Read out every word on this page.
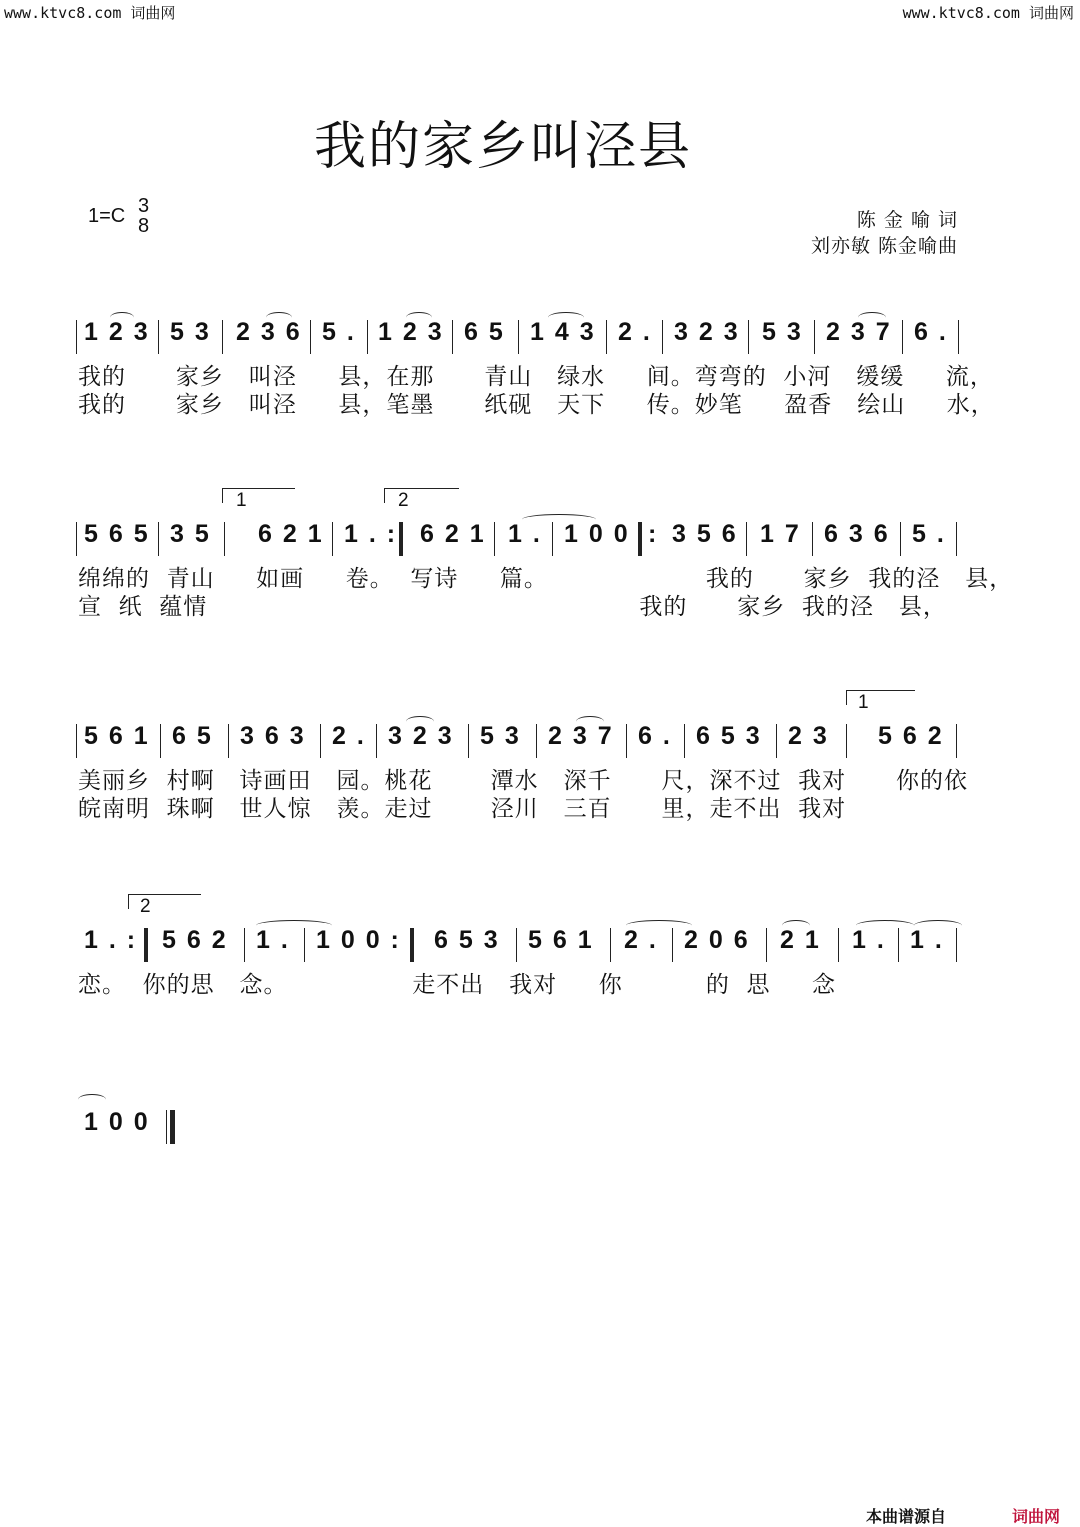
www.ktvc8.com 词曲网	www.ktvc8.com 词曲网
我的家乡叫泾县
1=C 3
8	陈 金 喻 词
刘亦敏 陈金喻曲
1 2 3 5 3 2 3 6 5 . 1 2 3 6 5 1 4 3 2 . 3 2 3 5 3 2 3 7 6 .
我的      家乡   叫泾     县，在那      青山   绿水     间。弯弯的  小河   缓缓     流，
我的      家乡   叫泾     县，笔墨      纸砚   天下     传。妙笔     盈香   绘山     水，
1	2
5 6 5 3 5 6 2 1 1 . : 6 2 1 1 . 1 0 0 : 3 5 6 1 7 6 3 6 5 .
绵绵的  青山     如画     卷。  写诗     篇。                   我的      家乡  我的泾   县，
宣  纸  蕴情                                                    我的      家乡  我的泾   县，
1
5 6 1 6 5 3 6 3 2 . 3 2 3 5 3 2 3 7 6 . 6 5 3 2 3 5 6 2
美丽乡  村啊   诗画田   园。桃花       潭水   深千      尺，深不过  我对      你的依
皖南明  珠啊   世人惊   羡。走过       泾川   三百      里，走不出  我对
2
1 . : 5 6 2 1 . 1 0 0 : 6 5 3 5 6 1 2 . 2 0 6 2 1 1 . 1 .
恋。  你的思   念。               走不出   我对     你          的  思     念
1 0 0
本曲谱源自	词曲网
